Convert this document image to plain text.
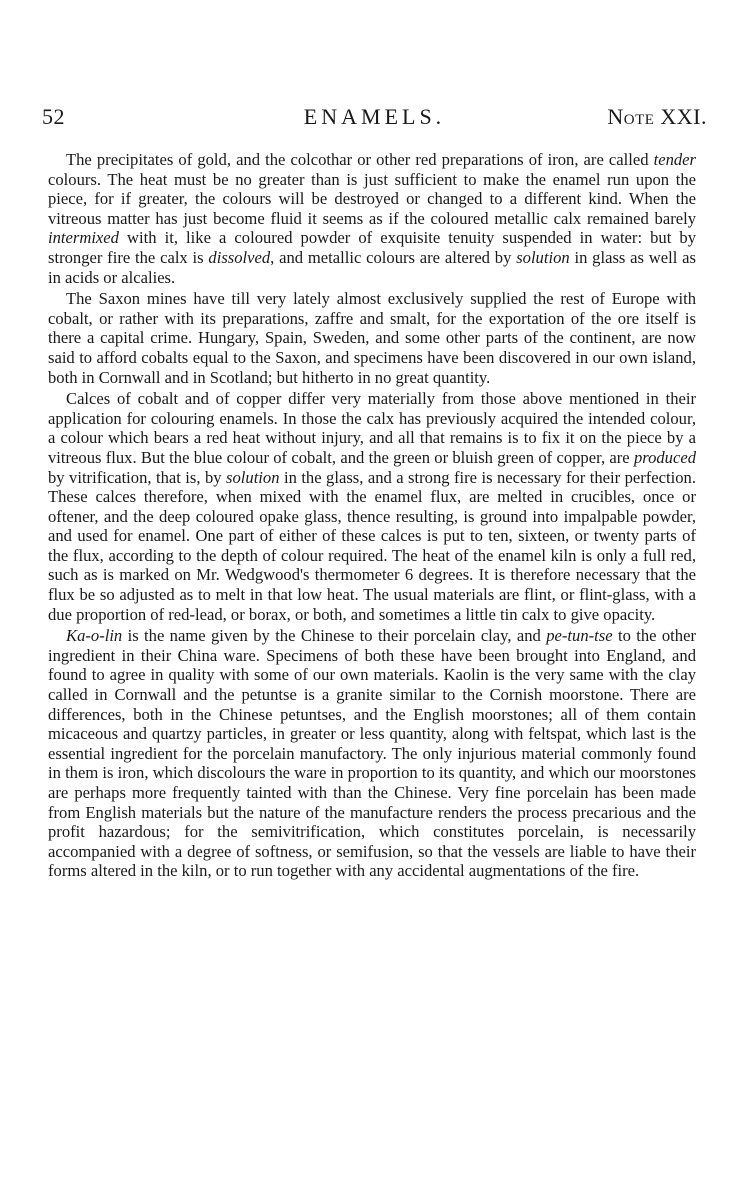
52	ENAMELS.	Note XXI.

The precipitates of gold, and the colcothar or other red preparations of iron, are called tender colours. The heat must be no greater than is just sufficient to make the enamel run upon the piece, for if greater, the colours will be destroyed or changed to a different kind. When the vitreous matter has just become fluid it seems as if the coloured metallic calx remained barely intermixed with it, like a coloured powder of exquisite tenuity suspended in water: but by stronger fire the calx is dissolved, and metallic colours are altered by solution in glass as well as in acids or alcalies.

The Saxon mines have till very lately almost exclusively supplied the rest of Europe with cobalt, or rather with its preparations, zaffre and smalt, for the exportation of the ore itself is there a capital crime. Hungary, Spain, Sweden, and some other parts of the continent, are now said to afford cobalts equal to the Saxon, and specimens have been discovered in our own island, both in Cornwall and in Scotland; but hitherto in no great quantity.

Calces of cobalt and of copper differ very materially from those above mentioned in their application for colouring enamels. In those the calx has previously acquired the intended colour, a colour which bears a red heat without injury, and all that remains is to fix it on the piece by a vitreous flux. But the blue colour of cobalt, and the green or bluish green of copper, are produced by vitrification, that is, by solution in the glass, and a strong fire is necessary for their perfection. These calces therefore, when mixed with the enamel flux, are melted in crucibles, once or oftener, and the deep coloured opake glass, thence resulting, is ground into impalpable powder, and used for enamel. One part of either of these calces is put to ten, sixteen, or twenty parts of the flux, according to the depth of colour required. The heat of the enamel kiln is only a full red, such as is marked on Mr. Wedgwood's thermometer 6 degrees. It is therefore necessary that the flux be so adjusted as to melt in that low heat. The usual materials are flint, or flint-glass, with a due proportion of red-lead, or borax, or both, and sometimes a little tin calx to give opacity.

Ka-o-lin is the name given by the Chinese to their porcelain clay, and pe-tun-tse to the other ingredient in their China ware. Specimens of both these have been brought into England, and found to agree in quality with some of our own materials. Kaolin is the very same with the clay called in Cornwall and the petuntse is a granite similar to the Cornish moorstone. There are differences, both in the Chinese petuntses, and the English moorstones; all of them contain micaceous and quartzy particles, in greater or less quantity, along with feltspat, which last is the essential ingredient for the porcelain manufactory. The only injurious material commonly found in them is iron, which discolours the ware in proportion to its quantity, and which our moorstones are perhaps more frequently tainted with than the Chinese. Very fine porcelain has been made from English materials but the nature of the manufacture renders the process precarious and the profit hazardous; for the semivitrification, which constitutes porcelain, is necessarily accompanied with a degree of softness, or semifusion, so that the vessels are liable to have their forms altered in the kiln, or to run together with any accidental augmentations of the fire.
